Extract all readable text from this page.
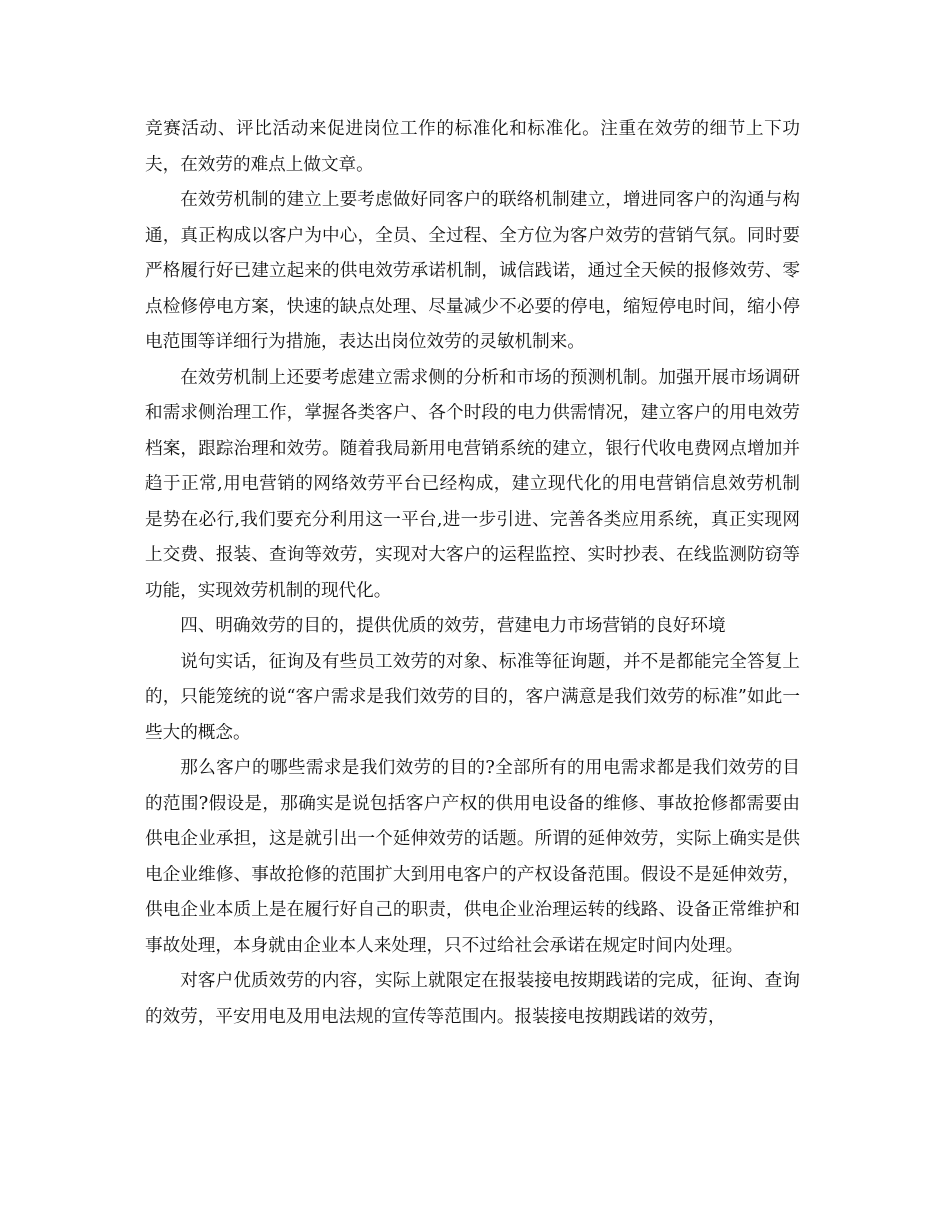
竞赛活动、评比活动来促进岗位工作的标准化和标准化。注重在效劳的细节上下功夫，在效劳的难点上做文章。

在效劳机制的建立上要考虑做好同客户的联络机制建立，增进同客户的沟通与构通，真正构成以客户为中心，全员、全过程、全方位为客户效劳的营销气氛。同时要严格履行好已建立起来的供电效劳承诺机制，诚信践诺，通过全天候的报修效劳、零点检修停电方案，快速的缺点处理、尽量减少不必要的停电，缩短停电时间，缩小停电范围等详细行为措施，表达出岗位效劳的灵敏机制来。

在效劳机制上还要考虑建立需求侧的分析和市场的预测机制。加强开展市场调研和需求侧治理工作，掌握各类客户、各个时段的电力供需情况，建立客户的用电效劳档案，跟踪治理和效劳。随着我局新用电营销系统的建立，银行代收电费网点增加并趋于正常,用电营销的网络效劳平台已经构成，建立现代化的用电营销信息效劳机制是势在必行,我们要充分利用这一平台,进一步引进、完善各类应用系统，真正实现网上交费、报装、查询等效劳，实现对大客户的运程监控、实时抄表、在线监测防窃等功能，实现效劳机制的现代化。

四、明确效劳的目的，提供优质的效劳，营建电力市场营销的良好环境

说句实话，征询及有些员工效劳的对象、标准等征询题，并不是都能完全答复上的，只能笼统的说“客户需求是我们效劳的目的，客户满意是我们效劳的标准”如此一些大的概念。

那么客户的哪些需求是我们效劳的目的?全部所有的用电需求都是我们效劳的目的范围?假设是，那确实是说包括客户产权的供用电设备的维修、事故抢修都需要由供电企业承担，这是就引出一个延伸效劳的话题。所谓的延伸效劳，实际上确实是供电企业维修、事故抢修的范围扩大到用电客户的产权设备范围。假设不是延伸效劳，供电企业本质上是在履行好自己的职责，供电企业治理运转的线路、设备正常维护和事故处理，本身就由企业本人来处理，只不过给社会承诺在规定时间内处理。

对客户优质效劳的内容，实际上就限定在报装接电按期践诺的完成，征询、查询的效劳，平安用电及用电法规的宣传等范围内。报装接电按期践诺的效劳，
